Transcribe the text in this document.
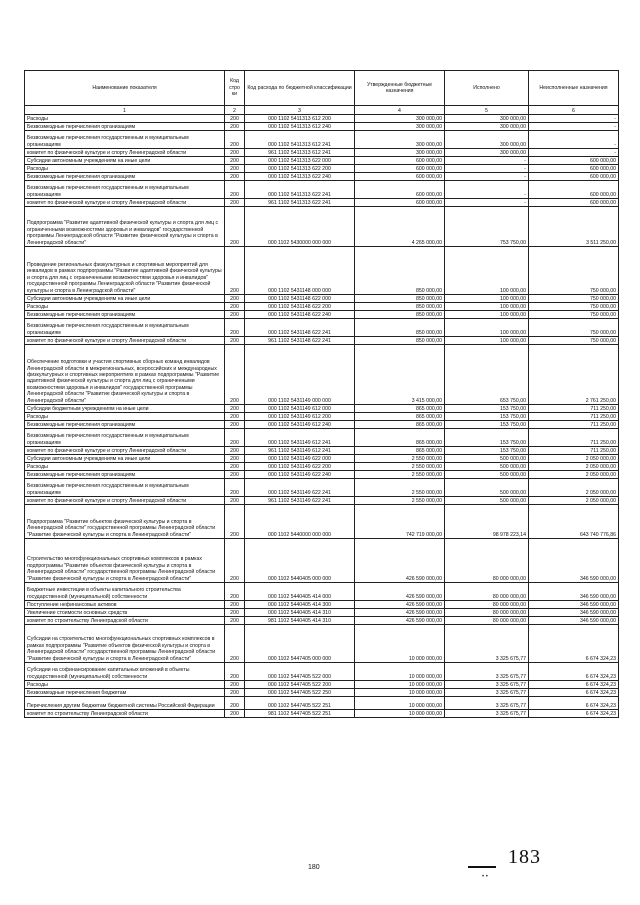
Наименование показателя	Код стро ки	Код расхода по бюджетной классификации	Утвержденные бюджетные назначения	Исполнено	Неисполненные назначения
1	2	3	4	5	6
Расходы	200	000 1102 5411313 612 200	300 000,00	300 000,00	-
Безвозмездные перечисления организациям	200	000 1102 5411313 612 240	300 000,00	300 000,00	-
Безвозмездные перечисления государственным и муниципальным организациям	200	000 1102 5411313 612 241	300 000,00	300 000,00	-
комитет по физической культуре и спорту Ленинградской области	200	961 1102 5411313 612 241	300 000,00	300 000,00	-
Субсидии автономным учреждениям на иные цели	200	000 1102 5411313 622 000	600 000,00	-	600 000,00
Расходы	200	000 1102 5411313 622 200	600 000,00	-	600 000,00
Безвозмездные перечисления организациям	200	000 1102 5411313 622 240	600 000,00	-	600 000,00
Безвозмездные перечисления государственным и муниципальным организациям	200	000 1102 5411313 622 241	600 000,00	-	600 000,00
комитет по физической культуре и спорту Ленинградской области	200	961 1102 5411313 622 241	600 000,00	-	600 000,00
Подпрограмма "Развитие адаптивной физической культуры и спорта для лиц с ограниченными возможностями здоровья и инвалидов" государственной программы Ленинградской области "Развитие физической культуры и спорта в Ленинградской области"	200	000 1102 5430000 000 000	4 265 000,00	753 750,00	3 511 250,00
Проведение региональных физкультурных и спортивных мероприятий для инвалидов в рамках подпрограммы "Развитие адаптивной физической культуры и спорта для лиц с ограниченными возможностями здоровья и инвалидов" государственной программы Ленинградской области "Развитие физической культуры и спорта в Ленинградской области"	200	000 1102 5431148 000 000	850 000,00	100 000,00	750 000,00
Субсидии автономным учреждениям на иные цели	200	000 1102 5431148 622 000	850 000,00	100 000,00	750 000,00
Расходы	200	000 1102 5431148 622 200	850 000,00	100 000,00	750 000,00
Безвозмездные перечисления организациям	200	000 1102 5431148 622 240	850 000,00	100 000,00	750 000,00
Безвозмездные перечисления государственным и муниципальным организациям	200	000 1102 5431148 622 241	850 000,00	100 000,00	750 000,00
комитет по физической культуре и спорту Ленинградской области	200	961 1102 5431148 622 241	850 000,00	100 000,00	750 000,00
Обеспечение подготовки и участия спортивных сборных команд инвалидов Ленинградской области в межрегиональных, всероссийских и международных физкультурных и спортивных мероприятиях в рамках подпрограммы "Развитие адаптивной физической культуры и спорта для лиц с ограниченными возможностями здоровья и инвалидов" государственной программы Ленинградской области "Развитие физической культуры и спорта в Ленинградской области"	200	000 1102 5431149 000 000	3 415 000,00	653 750,00	2 761 250,00
Субсидии бюджетным учреждениям на иные цели	200	000 1102 5431149 612 000	865 000,00	153 750,00	711 250,00
Расходы	200	000 1102 5431149 612 200	865 000,00	153 750,00	711 250,00
Безвозмездные перечисления организациям	200	000 1102 5431149 612 240	865 000,00	153 750,00	711 250,00
Безвозмездные перечисления государственным и муниципальным организациям	200	000 1102 5431149 612 241	865 000,00	153 750,00	711 250,00
комитет по физической культуре и спорту Ленинградской области	200	961 1102 5431149 612 241	865 000,00	153 750,00	711 250,00
Субсидии автономным учреждениям на иные цели	200	000 1102 5431149 622 000	2 550 000,00	500 000,00	2 050 000,00
Расходы	200	000 1102 5431149 622 200	2 550 000,00	500 000,00	2 050 000,00
Безвозмездные перечисления организациям	200	000 1102 5431149 622 240	2 550 000,00	500 000,00	2 050 000,00
Безвозмездные перечисления государственным и муниципальным организациям	200	000 1102 5431149 622 241	2 550 000,00	500 000,00	2 050 000,00
комитет по физической культуре и спорту Ленинградской области	200	961 1102 5431149 622 241	2 550 000,00	500 000,00	2 050 000,00
Подпрограмма "Развитие объектов физической культуры и спорта в Ленинградской области" государственной программы Ленинградской области "Развитие физической культуры и спорта в Ленинградской области"	200	000 1102 5440000 000 000	742 719 000,00	98 978 223,14	643 740 776,86
Строительство многофункциональных спортивных комплексов в рамках подпрограммы "Развитие объектов физической культуры и спорта в Ленинградской области" государственной программы Ленинградской области "Развитие физической культуры и спорта в Ленинградской области"	200	000 1102 5440405 000 000	426 590 000,00	80 000 000,00	346 590 000,00
Бюджетные инвестиции в объекты капитального строительства государственной (муниципальной) собственности	200	000 1102 5440405 414 000	426 590 000,00	80 000 000,00	346 590 000,00
Поступление нефинансовых активов	200	000 1102 5440405 414 300	426 590 000,00	80 000 000,00	346 590 000,00
Увеличение стоимости основных средств	200	000 1102 5440405 414 310	426 590 000,00	80 000 000,00	346 590 000,00
комитет по строительству Ленинградской области	200	981 1102 5440405 414 310	426 590 000,00	80 000 000,00	346 590 000,00
Субсидии на строительство многофункциональных спортивных комплексов в рамках подпрограммы "Развитие объектов физической культуры и спорта в Ленинградской области" государственной программы Ленинградской области "Развитие физической культуры и спорта в Ленинградской области"	200	000 1102 5447405 000 000	10 000 000,00	3 325 675,77	6 674 324,23
Субсидии на софинансирование капитальных вложений в объекты государственной (муниципальной) собственности	200	000 1102 5447405 522 000	10 000 000,00	3 325 675,77	6 674 324,23
Расходы	200	000 1102 5447405 522 200	10 000 000,00	3 325 675,77	6 674 324,23
Безвозмездные перечисления бюджетам	200	000 1102 5447405 522 250	10 000 000,00	3 325 675,77	6 674 324,23
Перечисления другим бюджетам бюджетной системы Российской Федерации	200	000 1102 5447405 522 251	10 000 000,00	3 325 675,77	6 674 324,23
комитет по строительству Ленинградской области	200	981 1102 5447405 522 251	10 000 000,00	3 325 675,77	6 674 324,23
180	183
• •
